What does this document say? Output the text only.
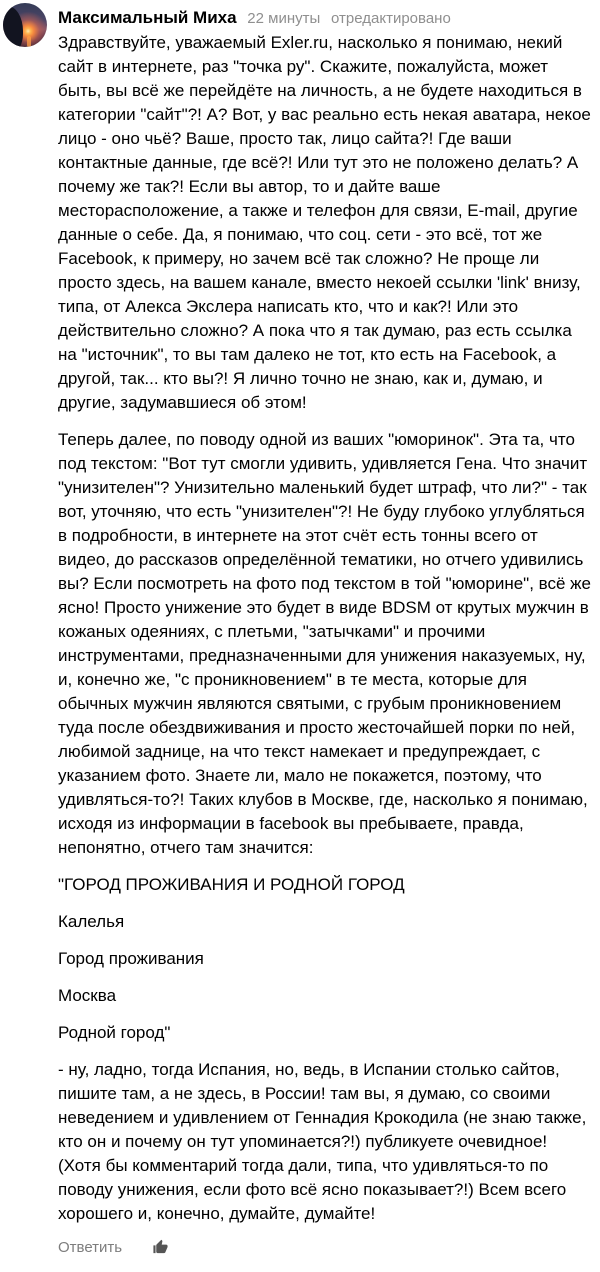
Максимальный Миха 22 минуты отредактировано

Здравствуйте, уважаемый Exler.ru, насколько я понимаю, некий сайт в интернете, раз "точка ру". Скажите, пожалуйста, может быть, вы всё же перейдёте на личность, а не будете находиться в категории "сайт"?! А? Вот, у вас реально есть некая аватара, некое лицо - оно чьё? Ваше, просто так, лицо сайта?! Где ваши контактные данные, где всё?! Или тут это не положено делать? А почему же так?! Если вы автор, то и дайте ваше месторасположение, а также и телефон для связи, E-mail, другие данные о себе. Да, я понимаю, что соц. сети - это всё, тот же Facebook, к примеру, но зачем всё так сложно? Не проще ли просто здесь, на вашем канале, вместо некоей ссылки 'link' внизу, типа, от Алекса Экслера написать кто, что и как?! Или это действительно сложно? А пока что я так думаю, раз есть ссылка на "источник", то вы там далеко не тот, кто есть на Facebook, а другой, так... кто вы?! Я лично точно не знаю, как и, думаю, и другие, задумавшиеся об этом!

Теперь далее, по поводу одной из ваших "юморинок". Эта та, что под текстом: "Вот тут смогли удивить, удивляется Гена. Что значит "унизителен"? Унизительно маленький будет штраф, что ли?" - так вот, уточняю, что есть "унизителен"?! Не буду глубоко углубляться в подробности, в интернете на этот счёт есть тонны всего от видео, до рассказов определённой тематики, но отчего удивились вы? Если посмотреть на фото под текстом в той "юморине", всё же ясно! Просто унижение это будет в виде BDSM от крутых мужчин в кожаных одеяниях, с плетьми, "затычками" и прочими инструментами, предназначенными для унижения наказуемых, ну, и, конечно же, "с проникновением" в те места, которые для обычных мужчин являются святыми, с грубым проникновением туда после обездвиживания и просто жесточайшей порки по ней, любимой заднице, на что текст намекает и предупреждает, с указанием фото. Знаете ли, мало не покажется, поэтому, что удивляться-то?! Таких клубов в Москве, где, насколько я понимаю, исходя из информации в facebook вы пребываете, правда, непонятно, отчего там значится:

"ГОРОД ПРОЖИВАНИЯ И РОДНОЙ ГОРОД

Калелья

Город проживания

Москва

Родной город"

- ну, ладно, тогда Испания, но, ведь, в Испании столько сайтов, пишите там, а не здесь, в России! там вы, я думаю, со своими неведением и удивлением от Геннадия Крокодила (не знаю также, кто он и почему он тут упоминается?!) публикуете очевидное! (Хотя бы комментарий тогда дали, типа, что удивляться-то по поводу унижения, если фото всё ясно показывает?!) Всем всего хорошего и, конечно, думайте, думайте!

Ответить
